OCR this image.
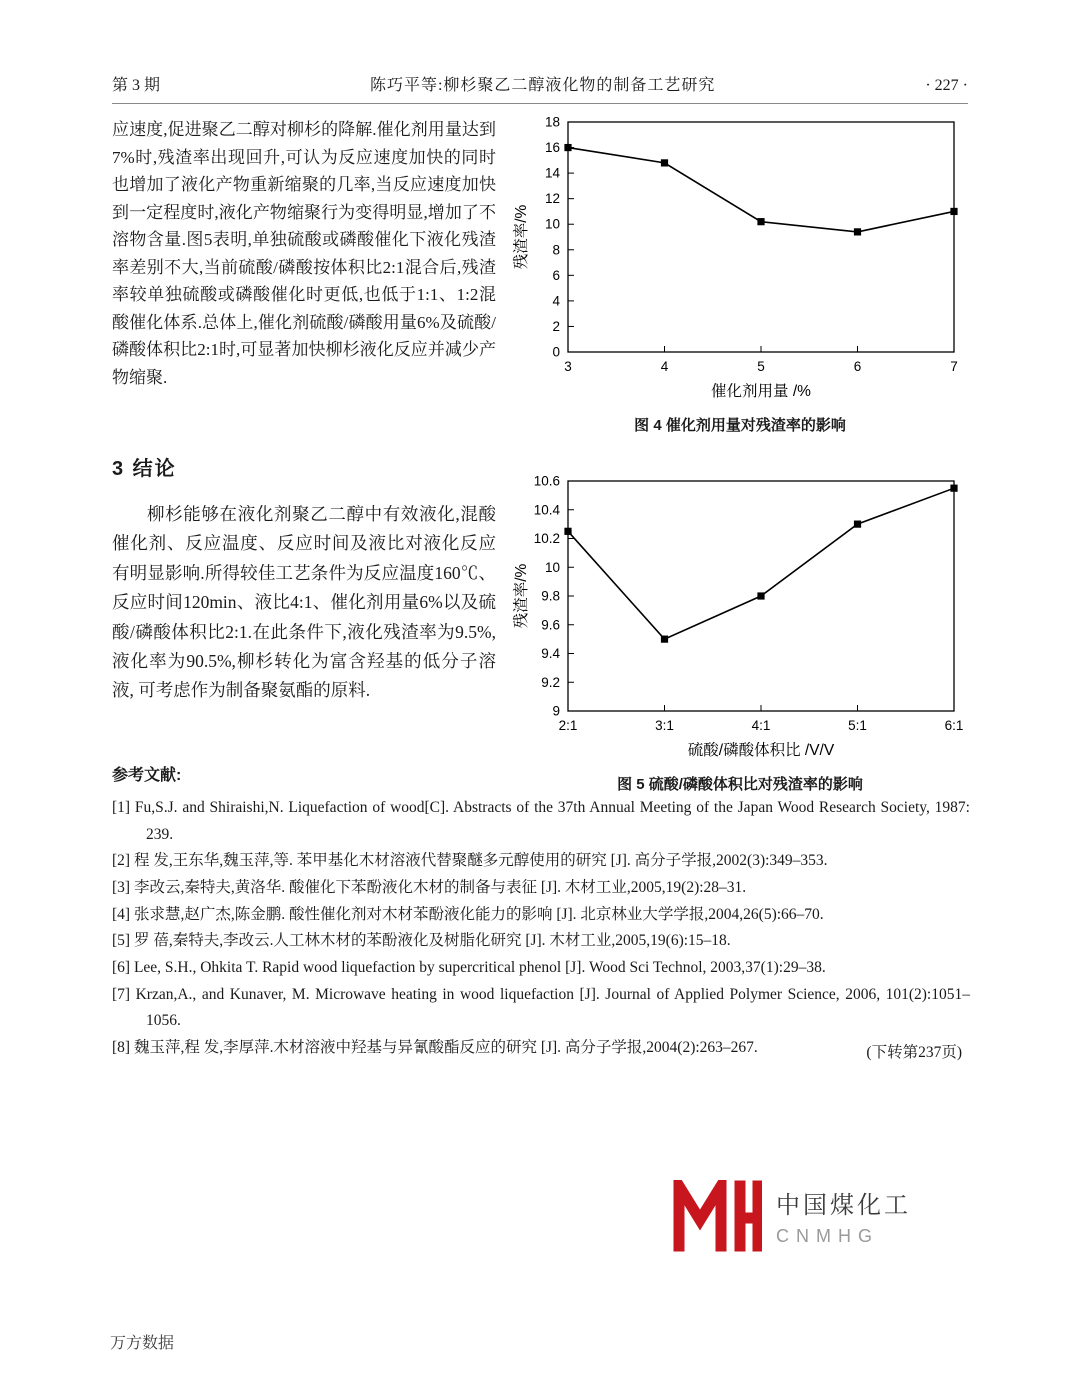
第 3 期	陈巧平等:柳杉聚乙二醇液化物的制备工艺研究	· 227 ·
应速度,促进聚乙二醇对柳杉的降解.催化剂用量达到7%时,残渣率出现回升,可认为反应速度加快的同时也增加了液化产物重新缩聚的几率,当反应速度加快到一定程度时,液化产物缩聚行为变得明显,增加了不溶物含量.图5表明,单独硫酸或磷酸催化下液化残渣率差别不大,当前硫酸/磷酸按体积比2:1混合后,残渣率较单独硫酸或磷酸催化时更低,也低于1:1、1:2混酸催化体系.总体上,催化剂硫酸/磷酸用量6%及硫酸/磷酸体积比2:1时,可显著加快柳杉液化反应并减少产物缩聚.
3 结论
柳杉能够在液化剂聚乙二醇中有效液化,混酸催化剂、反应温度、反应时间及液比对液化反应有明显影响.所得较佳工艺条件为反应温度160℃、反应时间120min、液比4:1、催化剂用量6%以及硫酸/磷酸体积比2:1.在此条件下,液化残渣率为9.5%,液化率为90.5%,柳杉转化为富含羟基的低分子溶液, 可考虑作为制备聚氨酯的原料.
0
2
4
6
8
10
12
14
16
18
3	4	5	6	7
催化剂用量 /%
残渣率/%
图 4 催化剂用量对残渣率的影响
9
9.2
9.4
9.6
9.8
10
10.2
10.4
10.6
2:1	3:1	4:1	5:1	6:1
硫酸/磷酸体积比 /V/V
残渣率/%
图 5 硫酸/磷酸体积比对残渣率的影响
参考文献:
[1] Fu,S.J. and Shiraishi,N. Liquefaction of wood[C]. Abstracts of the 37th Annual Meeting of the Japan Wood Research Society, 1987: 239.
[2] 程 发,王东华,魏玉萍,等. 苯甲基化木材溶液代替聚醚多元醇使用的研究 [J]. 高分子学报,2002(3):349–353.
[3] 李改云,秦特夫,黄洛华. 酸催化下苯酚液化木材的制备与表征 [J]. 木材工业,2005,19(2):28–31.
[4] 张求慧,赵广杰,陈金鹏. 酸性催化剂对木材苯酚液化能力的影响 [J]. 北京林业大学学报,2004,26(5):66–70.
[5] 罗 蓓,秦特夫,李改云.人工林木材的苯酚液化及树脂化研究 [J]. 木材工业,2005,19(6):15–18.
[6] Lee, S.H., Ohkita T. Rapid wood liquefaction by supercritical phenol [J]. Wood Sci Technol, 2003,37(1):29–38.
[7] Krzan,A., and Kunaver, M. Microwave heating in wood liquefaction [J]. Journal of Applied Polymer Science, 2006, 101(2):1051–1056.
[8] 魏玉萍,程 发,李厚萍.木材溶液中羟基与异氰酸酯反应的研究 [J]. 高分子学报,2004(2):263–267.	(下转第237页)
中国煤化工
CNMHG
万方数据
